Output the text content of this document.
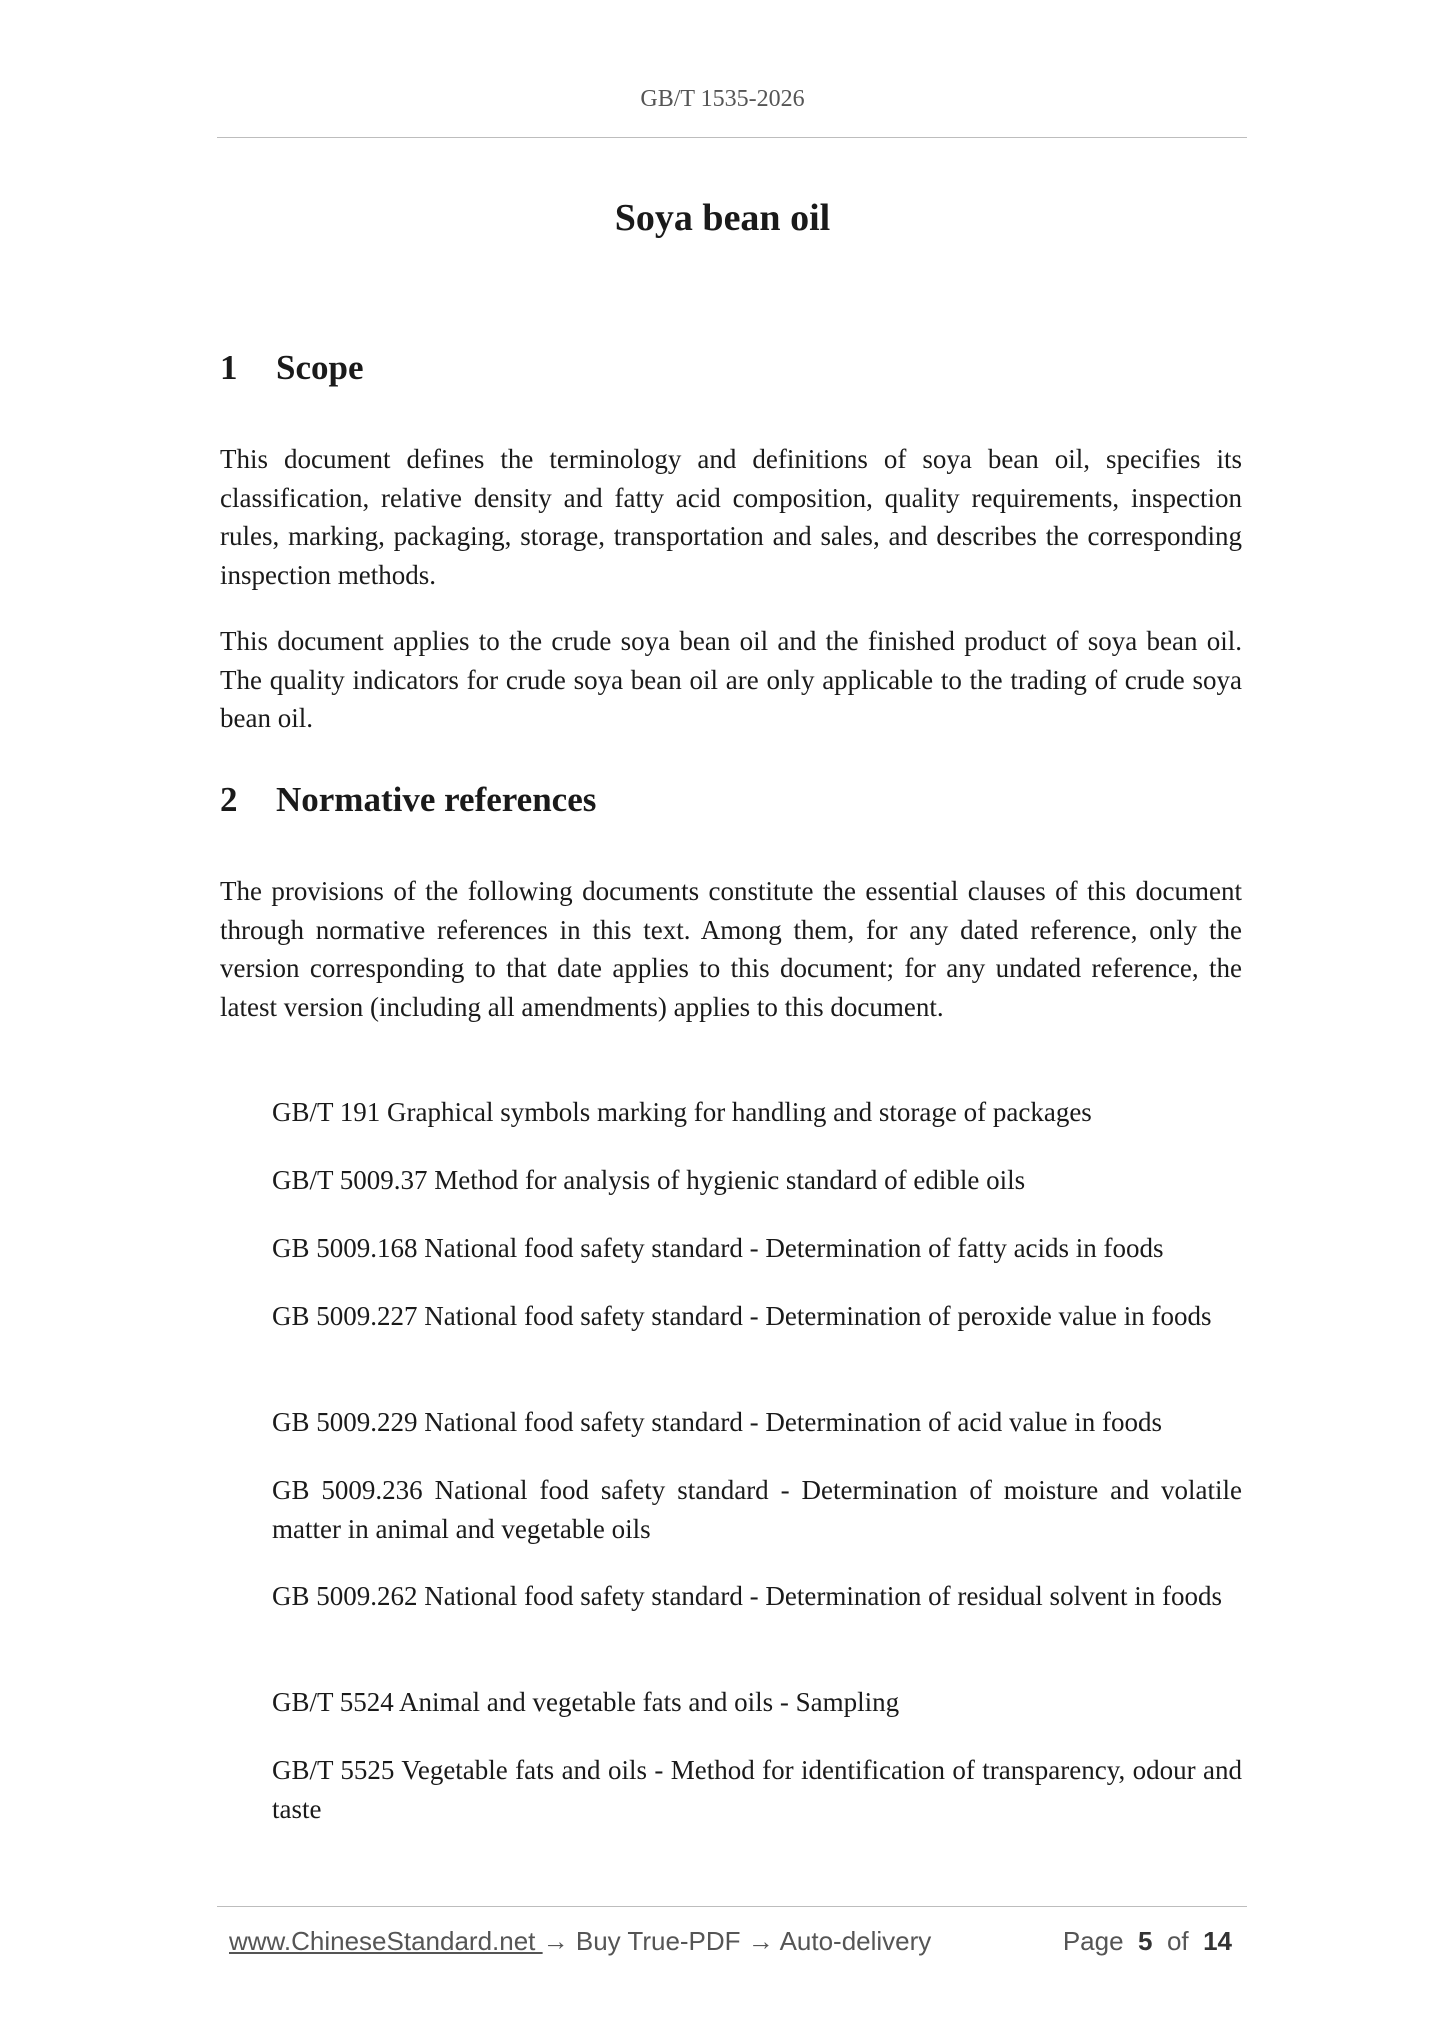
GB/T 1535-2026
Soya bean oil
1 Scope
This document defines the terminology and definitions of soya bean oil, specifies its classification, relative density and fatty acid composition, quality requirements, inspection rules, marking, packaging, storage, transportation and sales, and describes the corresponding inspection methods.
This document applies to the crude soya bean oil and the finished product of soya bean oil. The quality indicators for crude soya bean oil are only applicable to the trading of crude soya bean oil.
2 Normative references
The provisions of the following documents constitute the essential clauses of this document through normative references in this text. Among them, for any dated reference, only the version corresponding to that date applies to this document; for any undated reference, the latest version (including all amendments) applies to this document.
GB/T 191 Graphical symbols marking for handling and storage of packages
GB/T 5009.37 Method for analysis of hygienic standard of edible oils
GB 5009.168 National food safety standard - Determination of fatty acids in foods
GB 5009.227 National food safety standard - Determination of peroxide value in foods
GB 5009.229 National food safety standard - Determination of acid value in foods
GB 5009.236 National food safety standard - Determination of moisture and volatile matter in animal and vegetable oils
GB 5009.262 National food safety standard - Determination of residual solvent in foods
GB/T 5524 Animal and vegetable fats and oils - Sampling
GB/T 5525 Vegetable fats and oils - Method for identification of transparency, odour and taste
www.ChineseStandard.net → Buy True-PDF → Auto-delivery	Page 5 of 14
